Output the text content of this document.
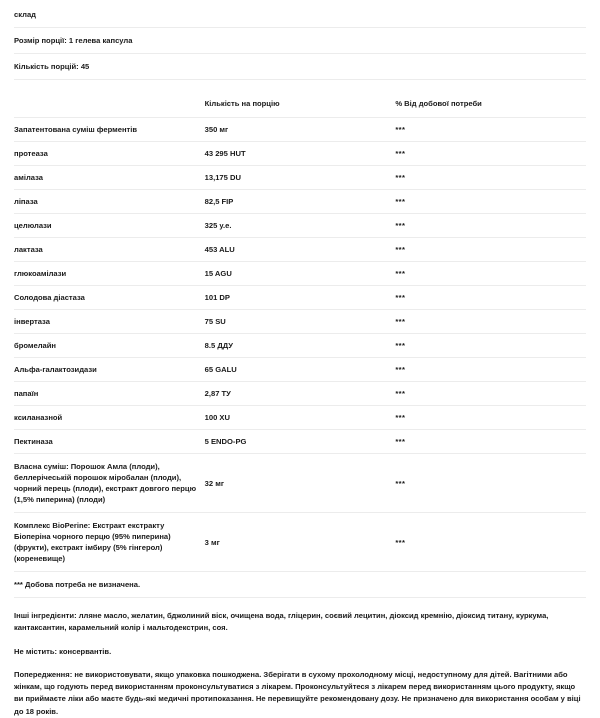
склад		
Розмір порції: 1 гелева капсула		
Кількість порцій: 45		

	Кількість на порцію	% Від добової потреби
Запатентована суміш ферментів	350 мг	***
протеаза	43 295 HUT	***
амілаза	13,175 DU	***
ліпаза	82,5 FIP	***
целюлази	325 у.е.	***
лактаза	453 ALU	***
глюкоамілази	15 AGU	***
Солодова діастаза	101 DP	***
інвертаза	75 SU	***
бромелайн	8.5 ДДУ	***
Альфа-галактозидази	65 GALU	***
папаїн	2,87 ТУ	***
ксиланазной	100 XU	***
Пектиназа	5 ENDO-PG	***
Власна суміш: Порошок Амла (плоди), беллерічеській порошок міробалан (плоди), чорний перець (плоди), екстракт довгого перцю (1,5% пиперина) (плоди)	32 мг	***
Комплекс BioPerine: Екстракт екстракту Біоперіна чорного перцю (95% пиперина) (фрукти), екстракт імбиру (5% гінгерол) (кореневище)	3 мг	***
*** Добова потреба не визначена.
Інші інгредієнти: лляне масло, желатин, бджолиний віск, очищена вода, гліцерин, соєвий лецитин, діоксид кремнію, діоксид титану, куркума, кантаксантин, карамельний колір і мальтодекстрин, соя.
Не містить: консервантів.
Попередження: не використовувати, якщо упаковка пошкоджена. Зберігати в сухому прохолодному місці, недоступному для дітей. Вагітними або жінкам, що годують перед використанням проконсультуватися з лікарем. Проконсультуйтеся з лікарем перед використанням цього продукту, якщо ви приймаєте ліки або маєте будь-які медичні протипоказання. Не перевищуйте рекомендовану дозу. Не призначено для використання особам у віці до 18 років.
